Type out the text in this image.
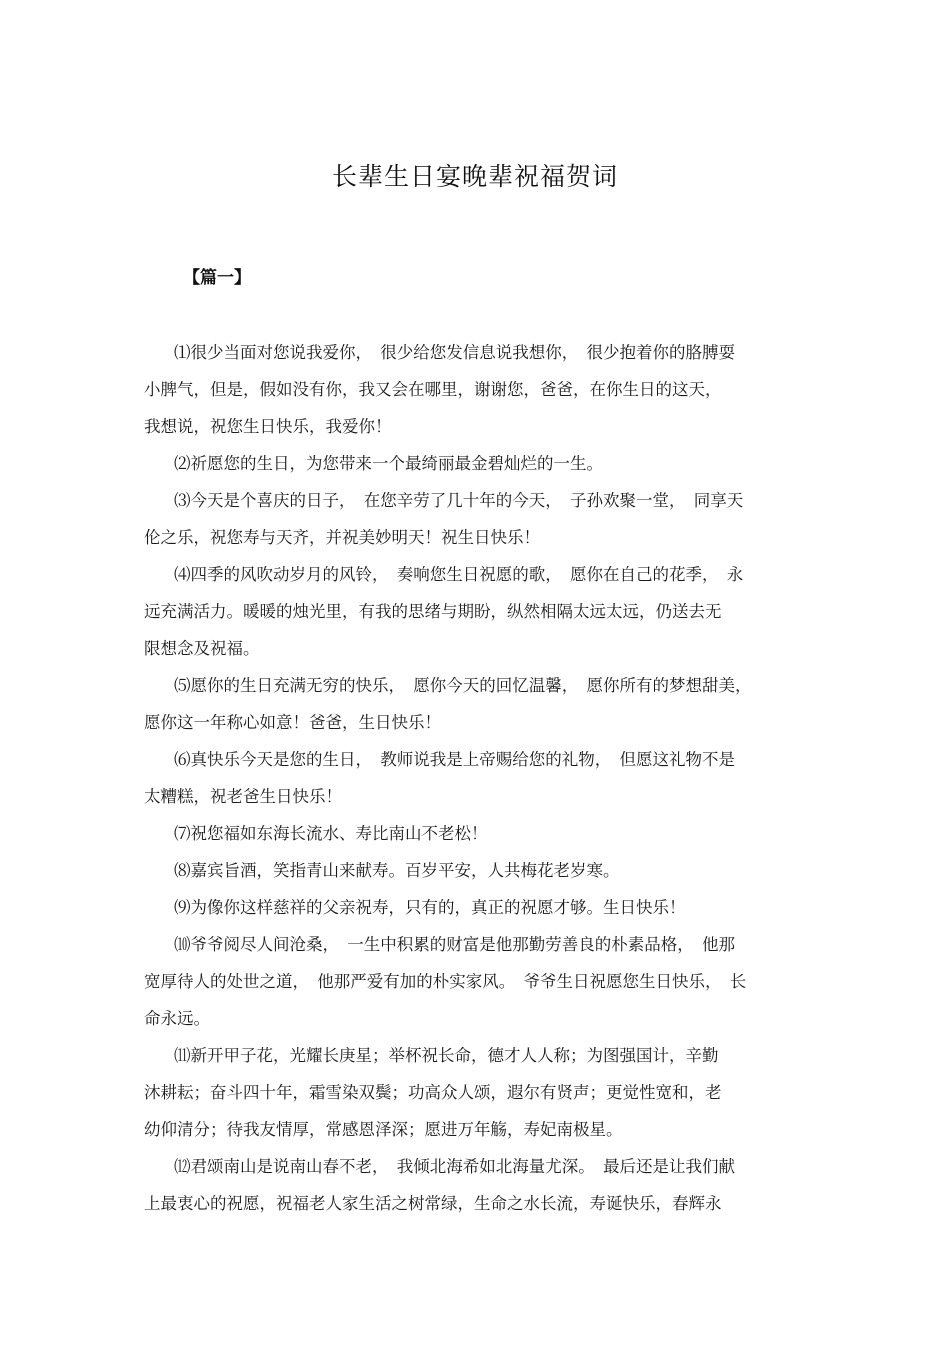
长辈生日宴晚辈祝福贺词
【篇一】
⑴很少当面对您说我爱你，　很少给您发信息说我想你，　很少抱着你的胳膊耍
小脾气，但是，假如没有你，我又会在哪里，谢谢您，爸爸，在你生日的这天，
我想说，祝您生日快乐，我爱你！
⑵祈愿您的生日，为您带来一个最绮丽最金碧灿烂的一生。
⑶今天是个喜庆的日子，　在您辛劳了几十年的今天，　子孙欢聚一堂，　同享天
伦之乐，祝您寿与天齐，并祝美妙明天！祝生日快乐！
⑷四季的风吹动岁月的风铃，　奏响您生日祝愿的歌，　愿你在自己的花季，　永
远充满活力。暖暖的烛光里，有我的思绪与期盼，纵然相隔太远太远，仍送去无
限想念及祝福。
⑸愿你的生日充满无穷的快乐，　愿你今天的回忆温馨，　愿你所有的梦想甜美，
愿你这一年称心如意！爸爸，生日快乐！
⑹真快乐今天是您的生日，　教师说我是上帝赐给您的礼物，　但愿这礼物不是
太糟糕，祝老爸生日快乐！
⑺祝您福如东海长流水、寿比南山不老松！
⑻嘉宾旨酒，笑指青山来献寿。百岁平安，人共梅花老岁寒。
⑼为像你这样慈祥的父亲祝寿，只有的，真正的祝愿才够。生日快乐！
⑽爷爷阅尽人间沧桑，　一生中积累的财富是他那勤劳善良的朴素品格，　他那
宽厚待人的处世之道，　他那严爱有加的朴实家风。　爷爷生日祝愿您生日快乐，　长
命永远。
⑾新开甲子花，光耀长庚星；举杯祝长命，德才人人称；为图强国计，辛勤
沐耕耘；奋斗四十年，霜雪染双鬓；功高众人颂，遐尔有贤声；更觉性宽和，老
幼仰清分；待我友情厚，常感恩泽深；愿进万年觞，寿妃南极星。
⑿君颂南山是说南山春不老，　我倾北海希如北海量尤深。　最后还是让我们献
上最衷心的祝愿，祝福老人家生活之树常绿，生命之水长流，寿诞快乐，春辉永
